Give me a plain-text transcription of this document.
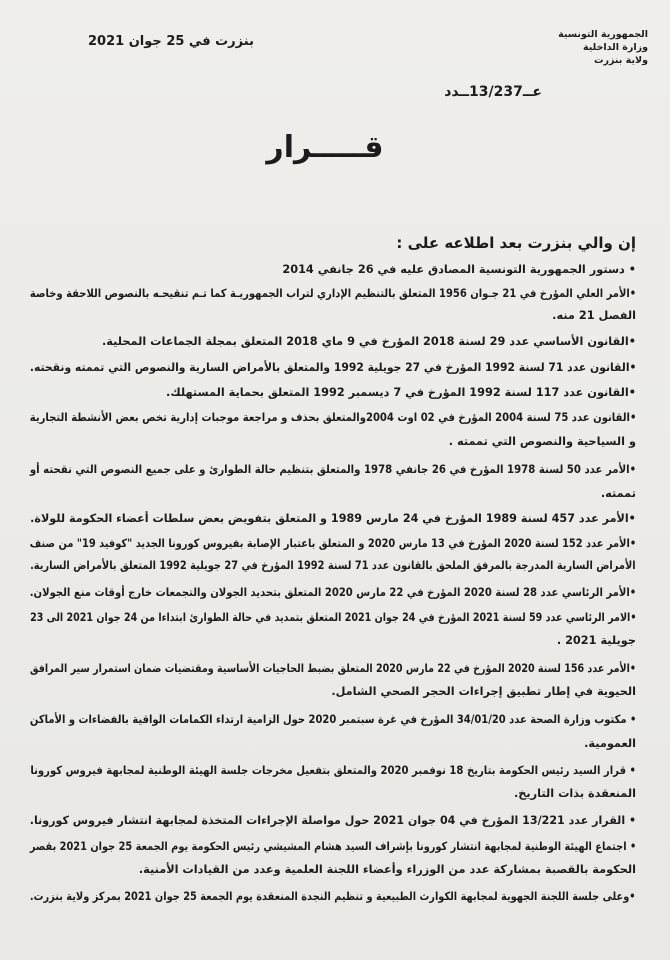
بنزرت في 25 جوان 2021	الجمهورية التونسية
وزارة الداخلية
ولاية بنزرت
عــ13/237ــدد
قـــــرار
إن والي بنزرت بعد اطلاعه على :
• دستور الجمهورية التونسية المصادق عليه في 26 جانفي 2014
•الأمر العلي المؤرخ في 21 جـوان 1956 المتعلق بالتنظيم الإداري لتراب الجمهوريـة كما تـم تنقيحـه بالنصوص اللاحقة وخاصة
الفصل 21 منه.
•القانون الأساسي عدد 29 لسنة 2018 المؤرخ في 9 ماي 2018 المتعلق بمجلة الجماعات المحلية.
•القانون عدد 71 لسنة 1992 المؤرخ في 27 جويلية 1992 والمتعلق بالأمراض السارية والنصوص التي تممته ونقحته.
•القانون عدد 117 لسنة 1992 المؤرخ في 7 ديسمبر 1992 المتعلق بحماية المستهلك.
•القانون عدد 75 لسنة 2004 المؤرخ في 02 اوت 2004والمتعلق بحذف و مراجعة موجبات إدارية تخص بعض الأنشطة التجارية
و السياحية والنصوص التي تممته .
•الأمر عدد 50 لسنة 1978 المؤرخ في 26 جانفي 1978 والمتعلق بتنظيم حالة الطوارئ و على جميع النصوص التي نقحته أو
تممته.
•الأمر عدد 457 لسنة 1989 المؤرخ في 24 مارس 1989 و المتعلق بتفويض بعض سلطات أعضاء الحكومة للولاة.
•الأمر عدد 152 لسنة 2020 المؤرخ في 13 مارس 2020 و المتعلق باعتبار الإصابة بفيروس كورونا الجديد "كوفيد 19" من صنف
الأمراض السارية المدرجة بالمرفق الملحق بالقانون عدد 71 لسنة 1992 المؤرخ في 27 جويلية 1992 المتعلق بالأمراض السارية.
•الأمر الرئاسي عدد 28 لسنة 2020 المؤرخ في 22 مارس 2020 المتعلق بتحديد الجولان والتجمعات خارج أوقات منع الجولان.
•الامر الرئاسي عدد 59 لسنة 2021 المؤرخ في 24 جوان 2021 المتعلق بتمديد في حالة الطوارئ ابتداءا من 24 جوان 2021 الى 23
جويلية 2021 .
•الأمر عدد 156 لسنة 2020 المؤرخ في 22 مارس 2020 المتعلق بضبط الحاجيات الأساسية ومقتضيات ضمان استمرار سير المرافق
الحيوية في إطار تطبيق إجراءات الحجر الصحي الشامل.
• مكتوب وزارة الصحة عدد 34/01/20 المؤرخ في غرة سبتمبر 2020 حول الزامية ارتداء الكمامات الواقية بالفضاءات و الأماكن
العمومية.
• قرار السيد رئيس الحكومة بتاريخ 18 نوفمبر 2020 والمتعلق بتفعيل مخرجات جلسة الهيئة الوطنية لمجابهة فيروس كورونا
المنعقدة بذات التاريخ.
• القرار عدد 13/221 المؤرخ في 04 جوان 2021 حول مواصلة الإجراءات المتخذة لمجابهة انتشار فيروس كورونا.
• اجتماع الهيئة الوطنية لمجابهة انتشار كورونا بإشراف السيد هشام المشيشي رئيس الحكومة يوم الجمعة 25 جوان 2021 بقصر
الحكومة بالقصبة بمشاركة عدد من الوزراء وأعضاء اللجنة العلمية وعدد من القيادات الأمنية.
•وعلى جلسة اللجنة الجهوية لمجابهة الكوارث الطبيعية و تنظيم النجدة المنعقدة يوم الجمعة 25 جوان 2021 بمركز ولاية بنزرت.
